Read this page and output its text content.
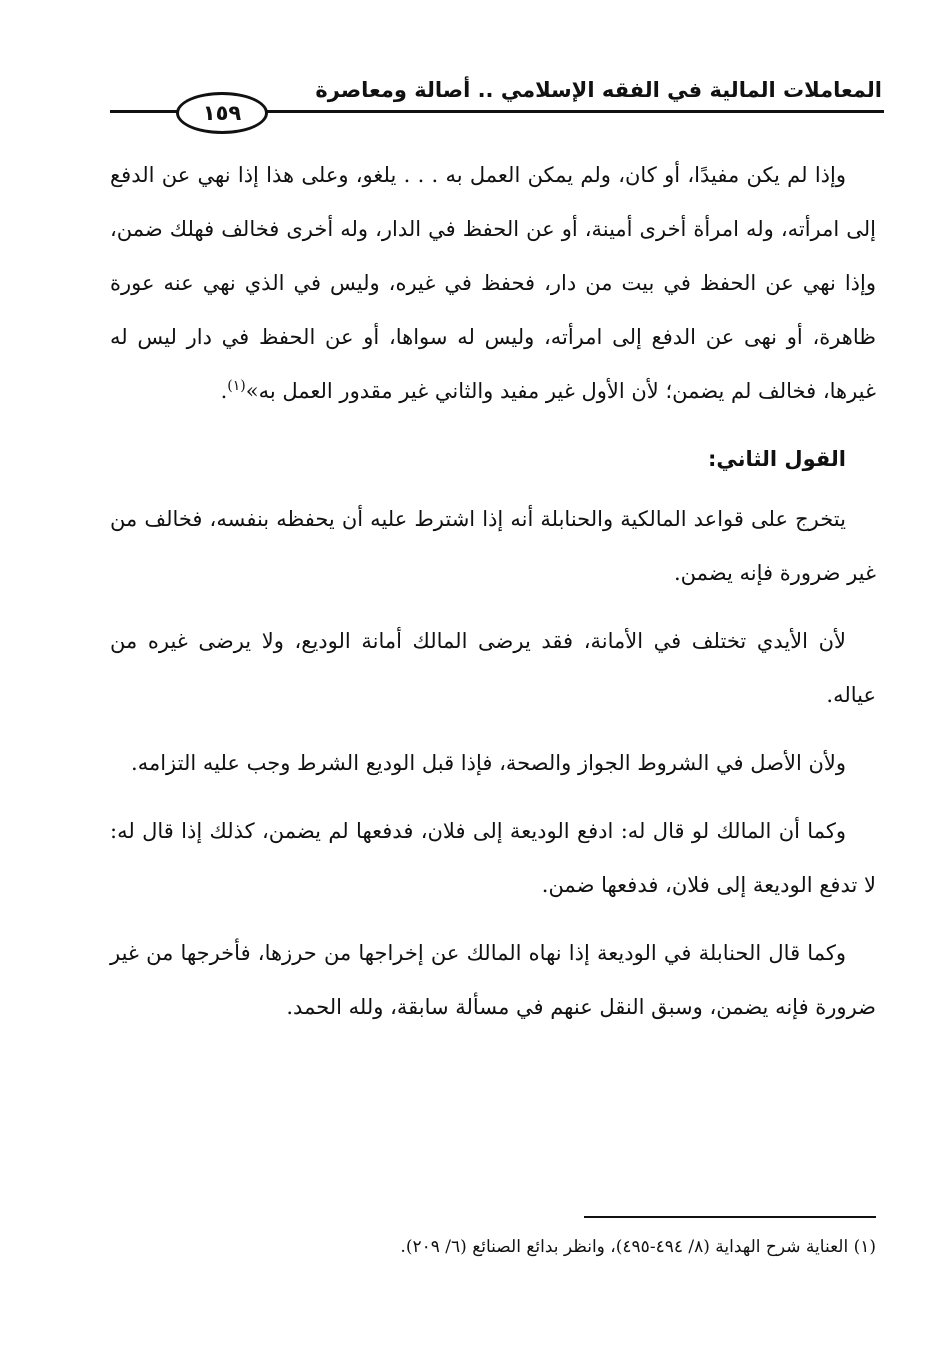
المعاملات المالية في الفقه الإسلامي .. أصالة ومعاصرة
١٥٩

وإذا لم يكن مفيدًا، أو كان، ولم يمكن العمل به . . . يلغو، وعلى هذا إذا نهي عن الدفع إلى امرأته، وله امرأة أخرى أمينة، أو عن الحفظ في الدار، وله أخرى فخالف فهلك ضمن، وإذا نهي عن الحفظ في بيت من دار، فحفظ في غيره، وليس في الذي نهي عنه عورة ظاهرة، أو نهى عن الدفع إلى امرأته، وليس له سواها، أو عن الحفظ في دار ليس له غيرها، فخالف لم يضمن؛ لأن الأول غير مفيد والثاني غير مقدور العمل به»$^{(١)}$.

القول الثاني:

يتخرج على قواعد المالكية والحنابلة أنه إذا اشترط عليه أن يحفظه بنفسه، فخالف من غير ضرورة فإنه يضمن.

لأن الأيدي تختلف في الأمانة، فقد يرضى المالك أمانة الوديع، ولا يرضى غيره من عياله.

ولأن الأصل في الشروط الجواز والصحة، فإذا قبل الوديع الشرط وجب عليه التزامه.

وكما أن المالك لو قال له: ادفع الوديعة إلى فلان، فدفعها لم يضمن، كذلك إذا قال له: لا تدفع الوديعة إلى فلان، فدفعها ضمن.

وكما قال الحنابلة في الوديعة إذا نهاه المالك عن إخراجها من حرزها، فأخرجها من غير ضرورة فإنه يضمن، وسبق النقل عنهم في مسألة سابقة، ولله الحمد.

(١) العناية شرح الهداية (٨/ ٤٩٤-٤٩٥)، وانظر بدائع الصنائع (٦/ ٢٠٩).
